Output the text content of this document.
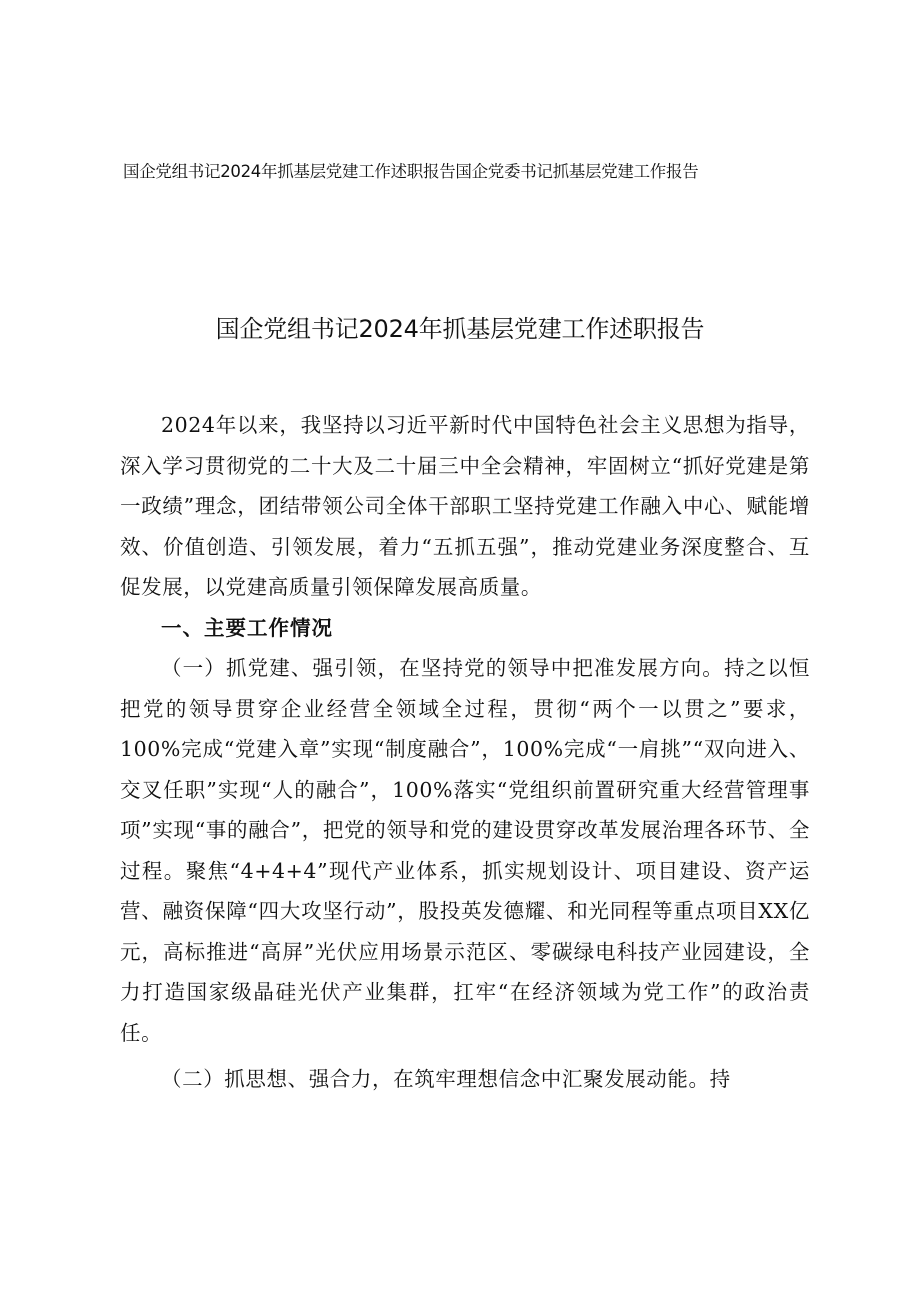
国企党组书记2024年抓基层党建工作述职报告国企党委书记抓基层党建工作报告
国企党组书记2024年抓基层党建工作述职报告

2024年以来，我坚持以习近平新时代中国特色社会主义思想为指导，深入学习贯彻党的二十大及二十届三中全会精神，牢固树立“抓好党建是第一政绩”理念，团结带领公司全体干部职工坚持党建工作融入中心、赋能增效、价值创造、引领发展，着力“五抓五强”，推动党建业务深度整合、互促发展，以党建高质量引领保障发展高质量。

一、主要工作情况

（一）抓党建、强引领，在坚持党的领导中把准发展方向。持之以恒把党的领导贯穿企业经营全领域全过程，贯彻“两个一以贯之”要求，100%完成“党建入章”实现“制度融合”，100%完成“一肩挑”“双向进入、交叉任职”实现“人的融合”，100%落实“党组织前置研究重大经营管理事项”实现“事的融合”，把党的领导和党的建设贯穿改革发展治理各环节、全过程。聚焦“4+4+4”现代产业体系，抓实规划设计、项目建设、资产运营、融资保障“四大攻坚行动”，股投英发德耀、和光同程等重点项目XX亿元，高标推进“高屏”光伏应用场景示范区、零碳绿电科技产业园建设，全力打造国家级晶硅光伏产业集群，扛牢“在经济领域为党工作”的政治责任。

（二）抓思想、强合力，在筑牢理想信念中汇聚发展动能。持
